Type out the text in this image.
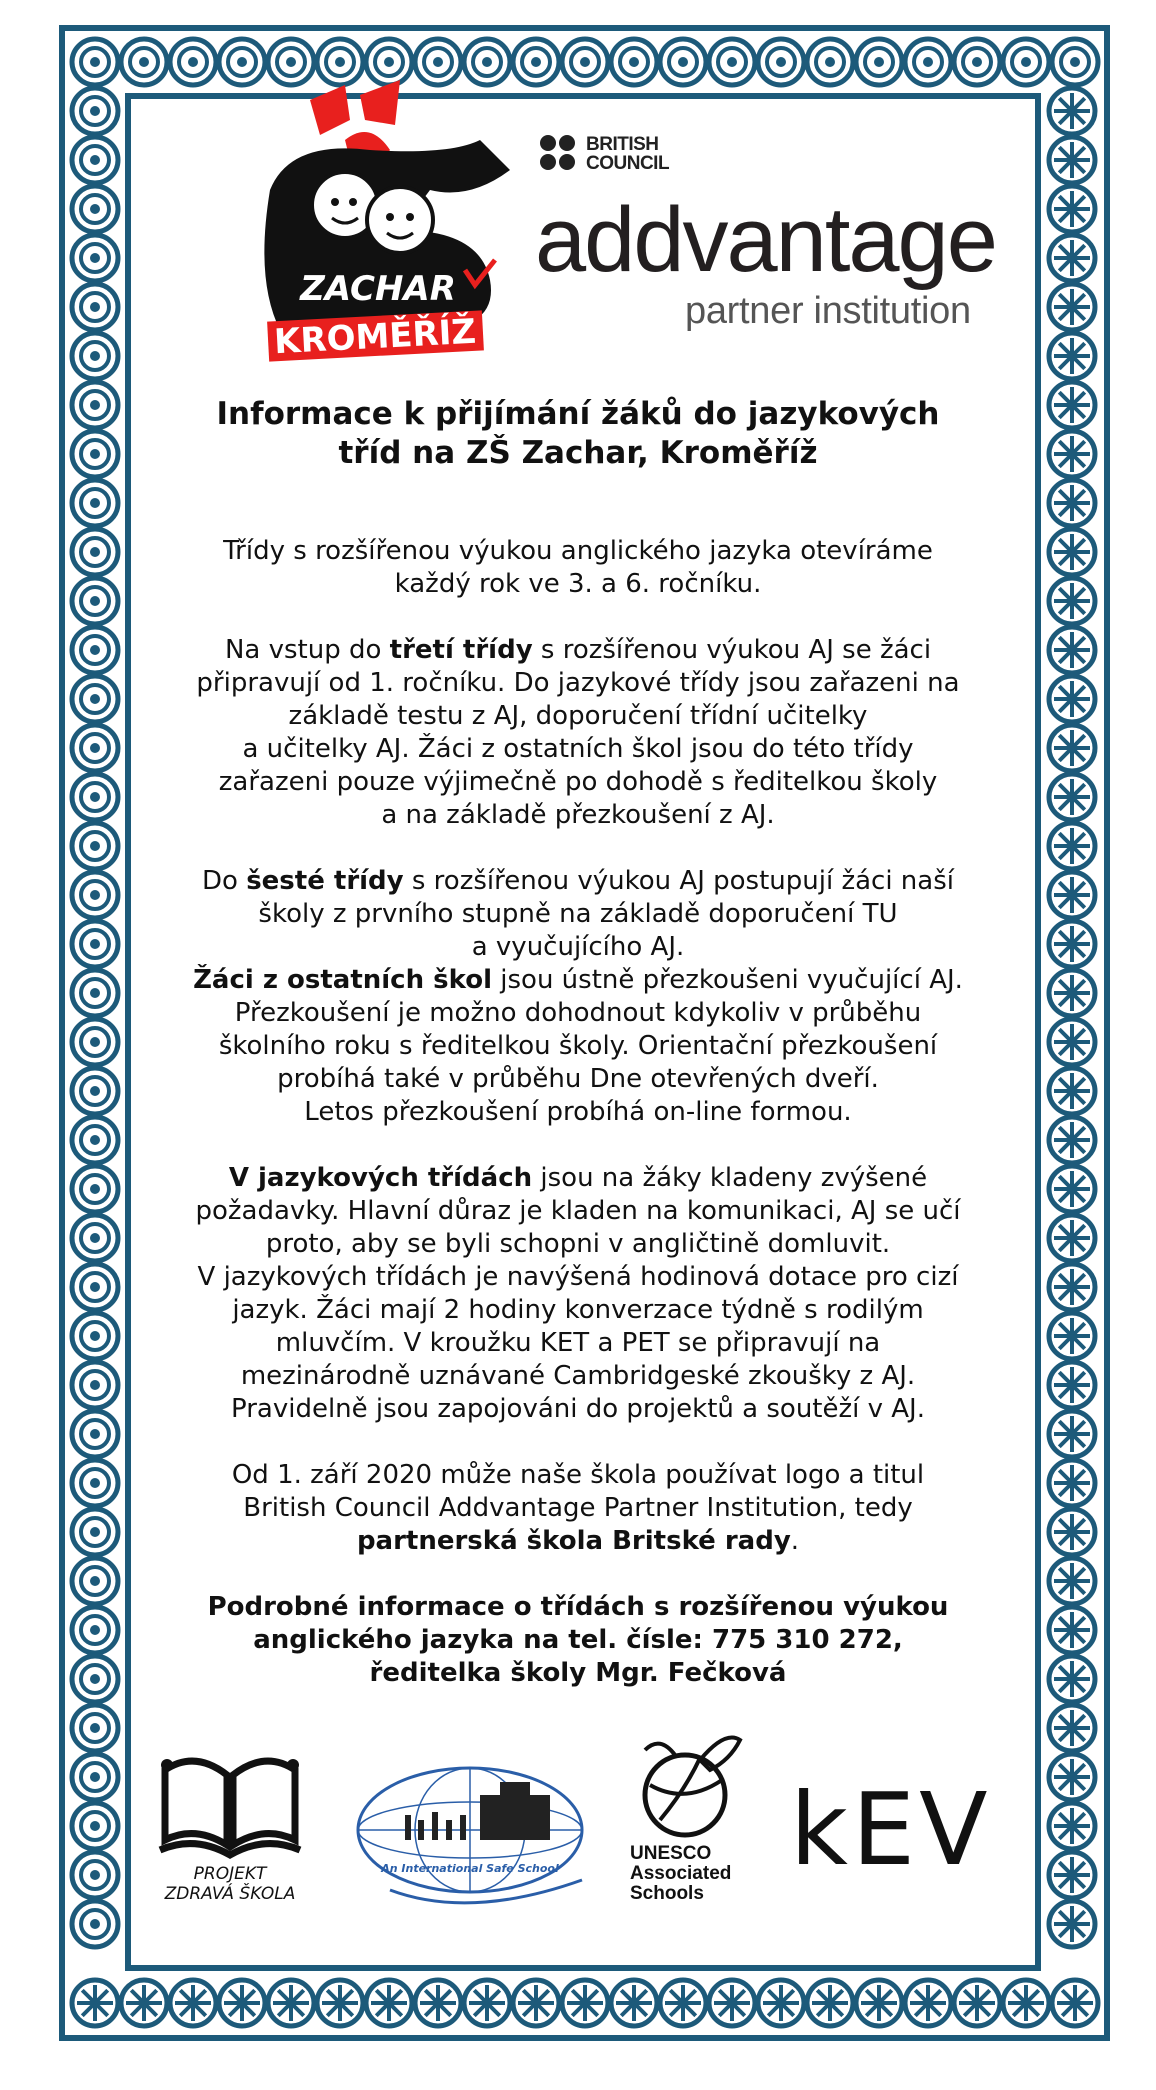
ZACHAR
KROMĚŘÍŽ
BRITISH
COUNCIL
addvantage
partner institution
Informace k přijímání žáků do jazykových
tříd na ZŠ Zachar, Kroměříž

Třídy s rozšířenou výukou anglického jazyka otevíráme
každý rok ve 3. a 6. ročníku.

Na vstup do třetí třídy s rozšířenou výukou AJ se žáci
připravují od 1. ročníku. Do jazykové třídy jsou zařazeni na
základě testu z AJ, doporučení třídní učitelky
a učitelky AJ. Žáci z ostatních škol jsou do této třídy
zařazeni pouze výjimečně po dohodě s ředitelkou školy
a na základě přezkoušení z AJ.

Do šesté třídy s rozšířenou výukou AJ postupují žáci naší
školy z prvního stupně na základě doporučení TU
a vyučujícího AJ.
Žáci z ostatních škol jsou ústně přezkoušeni vyučující AJ.
Přezkoušení je možno dohodnout kdykoliv v průběhu
školního roku s ředitelkou školy. Orientační přezkoušení
probíhá také v průběhu Dne otevřených dveří.
Letos přezkoušení probíhá on-line formou.

V jazykových třídách jsou na žáky kladeny zvýšené
požadavky. Hlavní důraz je kladen na komunikaci, AJ se učí
proto, aby se byli schopni v angličtině domluvit.
V jazykových třídách je navýšená hodinová dotace pro cizí
jazyk. Žáci mají 2 hodiny konverzace týdně s rodilým
mluvčím. V kroužku KET a PET se připravují na
mezinárodně uznávané Cambridgeské zkoušky z AJ.
Pravidelně jsou zapojováni do projektů a soutěží v AJ.

Od 1. září 2020 může naše škola používat logo a titul
British Council Addvantage Partner Institution, tedy
partnerská škola Britské rady.

Podrobné informace o třídách s rozšířenou výukou
anglického jazyka na tel. čísle: 775 310 272,
ředitelka školy Mgr. Fečková

PROJEKT
ZDRAVÁ ŠKOLA
An International Safe School
UNESCO
Associated
Schools
kEV
